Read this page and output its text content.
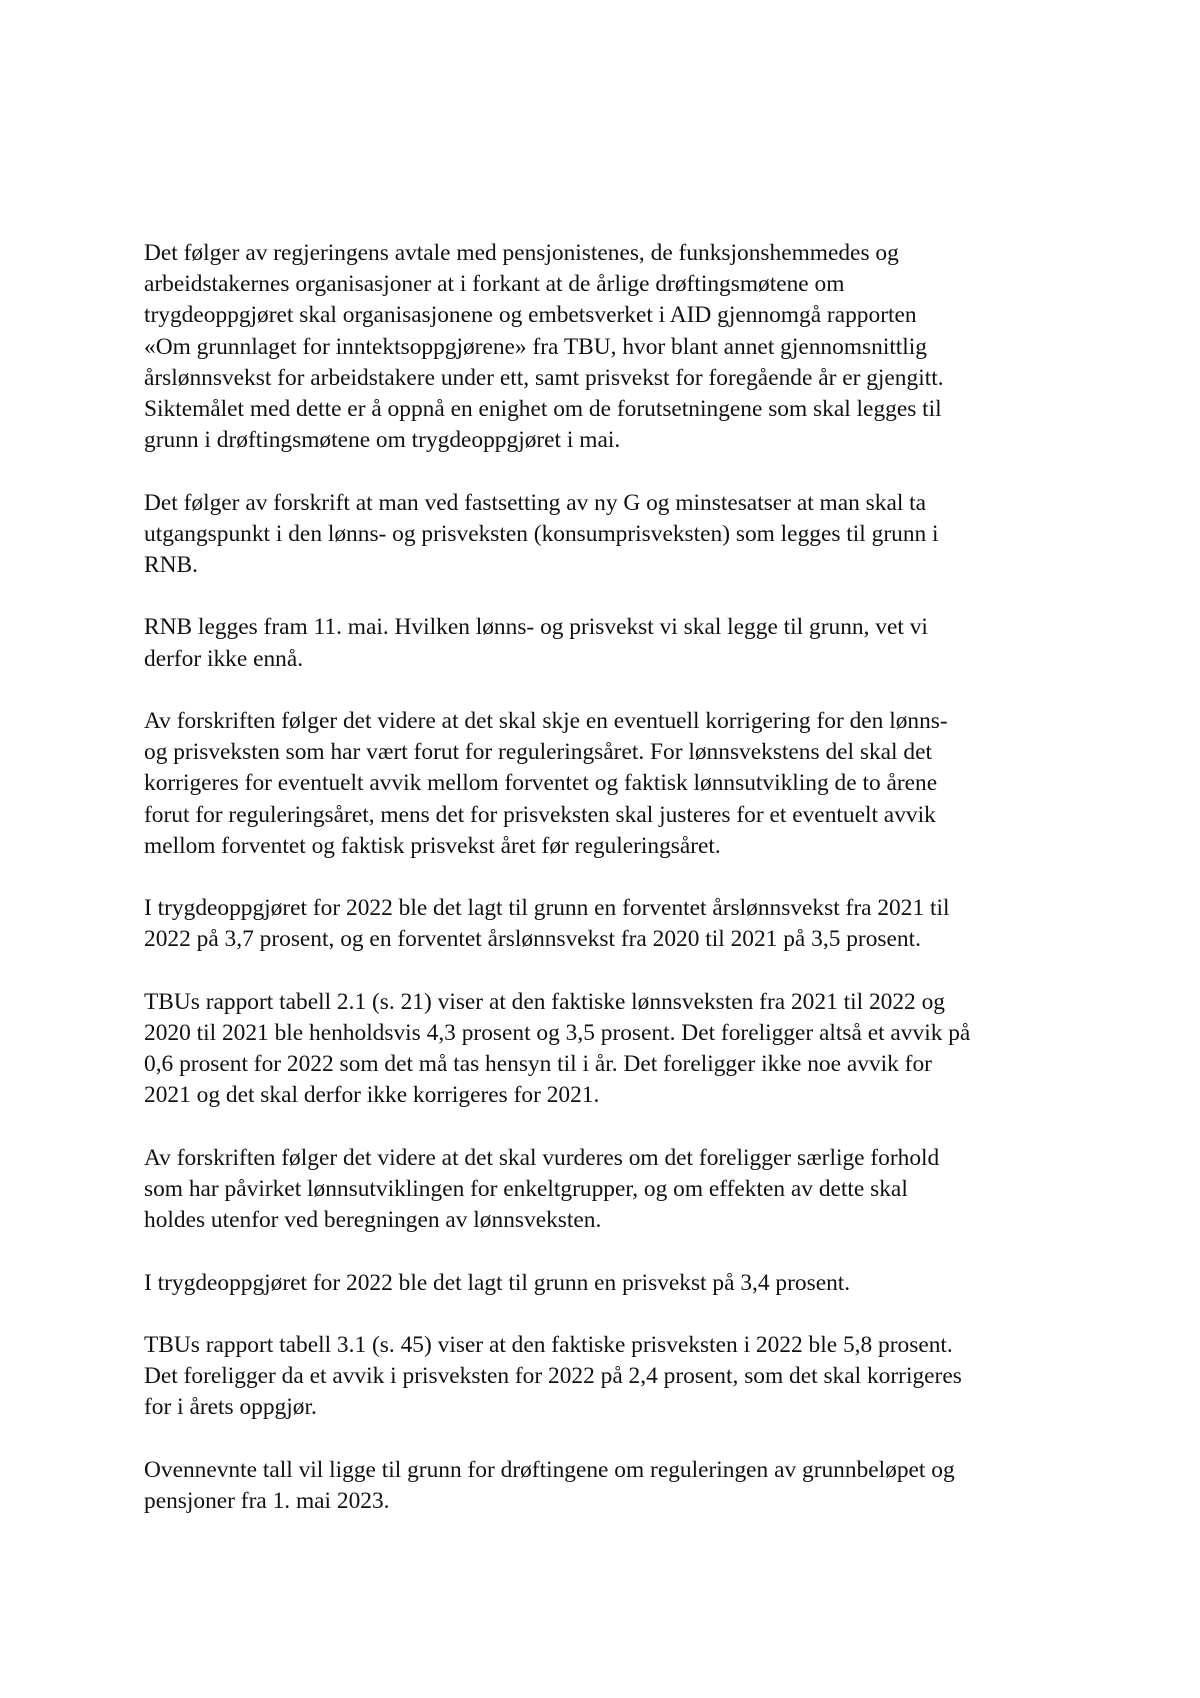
Det følger av regjeringens avtale med pensjonistenes, de funksjonshemmedes og
arbeidstakernes organisasjoner at i forkant at de årlige drøftingsmøtene om
trygdeoppgjøret skal organisasjonene og embetsverket i AID gjennomgå rapporten
«Om grunnlaget for inntektsoppgjørene» fra TBU, hvor blant annet gjennomsnittlig
årslønnsvekst for arbeidstakere under ett, samt prisvekst for foregående år er gjengitt.
Siktemålet med dette er å oppnå en enighet om de forutsetningene som skal legges til
grunn i drøftingsmøtene om trygdeoppgjøret i mai.

Det følger av forskrift at man ved fastsetting av ny G og minstesatser at man skal ta
utgangspunkt i den lønns- og prisveksten (konsumprisveksten) som legges til grunn i
RNB.

RNB legges fram 11. mai. Hvilken lønns- og prisvekst vi skal legge til grunn, vet vi
derfor ikke ennå.

Av forskriften følger det videre at det skal skje en eventuell korrigering for den lønns-
og prisveksten som har vært forut for reguleringsåret. For lønnsvekstens del skal det
korrigeres for eventuelt avvik mellom forventet og faktisk lønnsutvikling de to årene
forut for reguleringsåret, mens det for prisveksten skal justeres for et eventuelt avvik
mellom forventet og faktisk prisvekst året før reguleringsåret.

I trygdeoppgjøret for 2022 ble det lagt til grunn en forventet årslønnsvekst fra 2021 til
2022 på 3,7 prosent, og en forventet årslønnsvekst fra 2020 til 2021 på 3,5 prosent.

TBUs rapport tabell 2.1 (s. 21) viser at den faktiske lønnsveksten fra 2021 til 2022 og
2020 til 2021 ble henholdsvis 4,3 prosent og 3,5 prosent. Det foreligger altså et avvik på
0,6 prosent for 2022 som det må tas hensyn til i år. Det foreligger ikke noe avvik for
2021 og det skal derfor ikke korrigeres for 2021.

Av forskriften følger det videre at det skal vurderes om det foreligger særlige forhold
som har påvirket lønnsutviklingen for enkeltgrupper, og om effekten av dette skal
holdes utenfor ved beregningen av lønnsveksten.

I trygdeoppgjøret for 2022 ble det lagt til grunn en prisvekst på 3,4 prosent.

TBUs rapport tabell 3.1 (s. 45) viser at den faktiske prisveksten i 2022 ble 5,8 prosent.
Det foreligger da et avvik i prisveksten for 2022 på 2,4 prosent, som det skal korrigeres
for i årets oppgjør.

Ovennevnte tall vil ligge til grunn for drøftingene om reguleringen av grunnbeløpet og
pensjoner fra 1. mai 2023.
